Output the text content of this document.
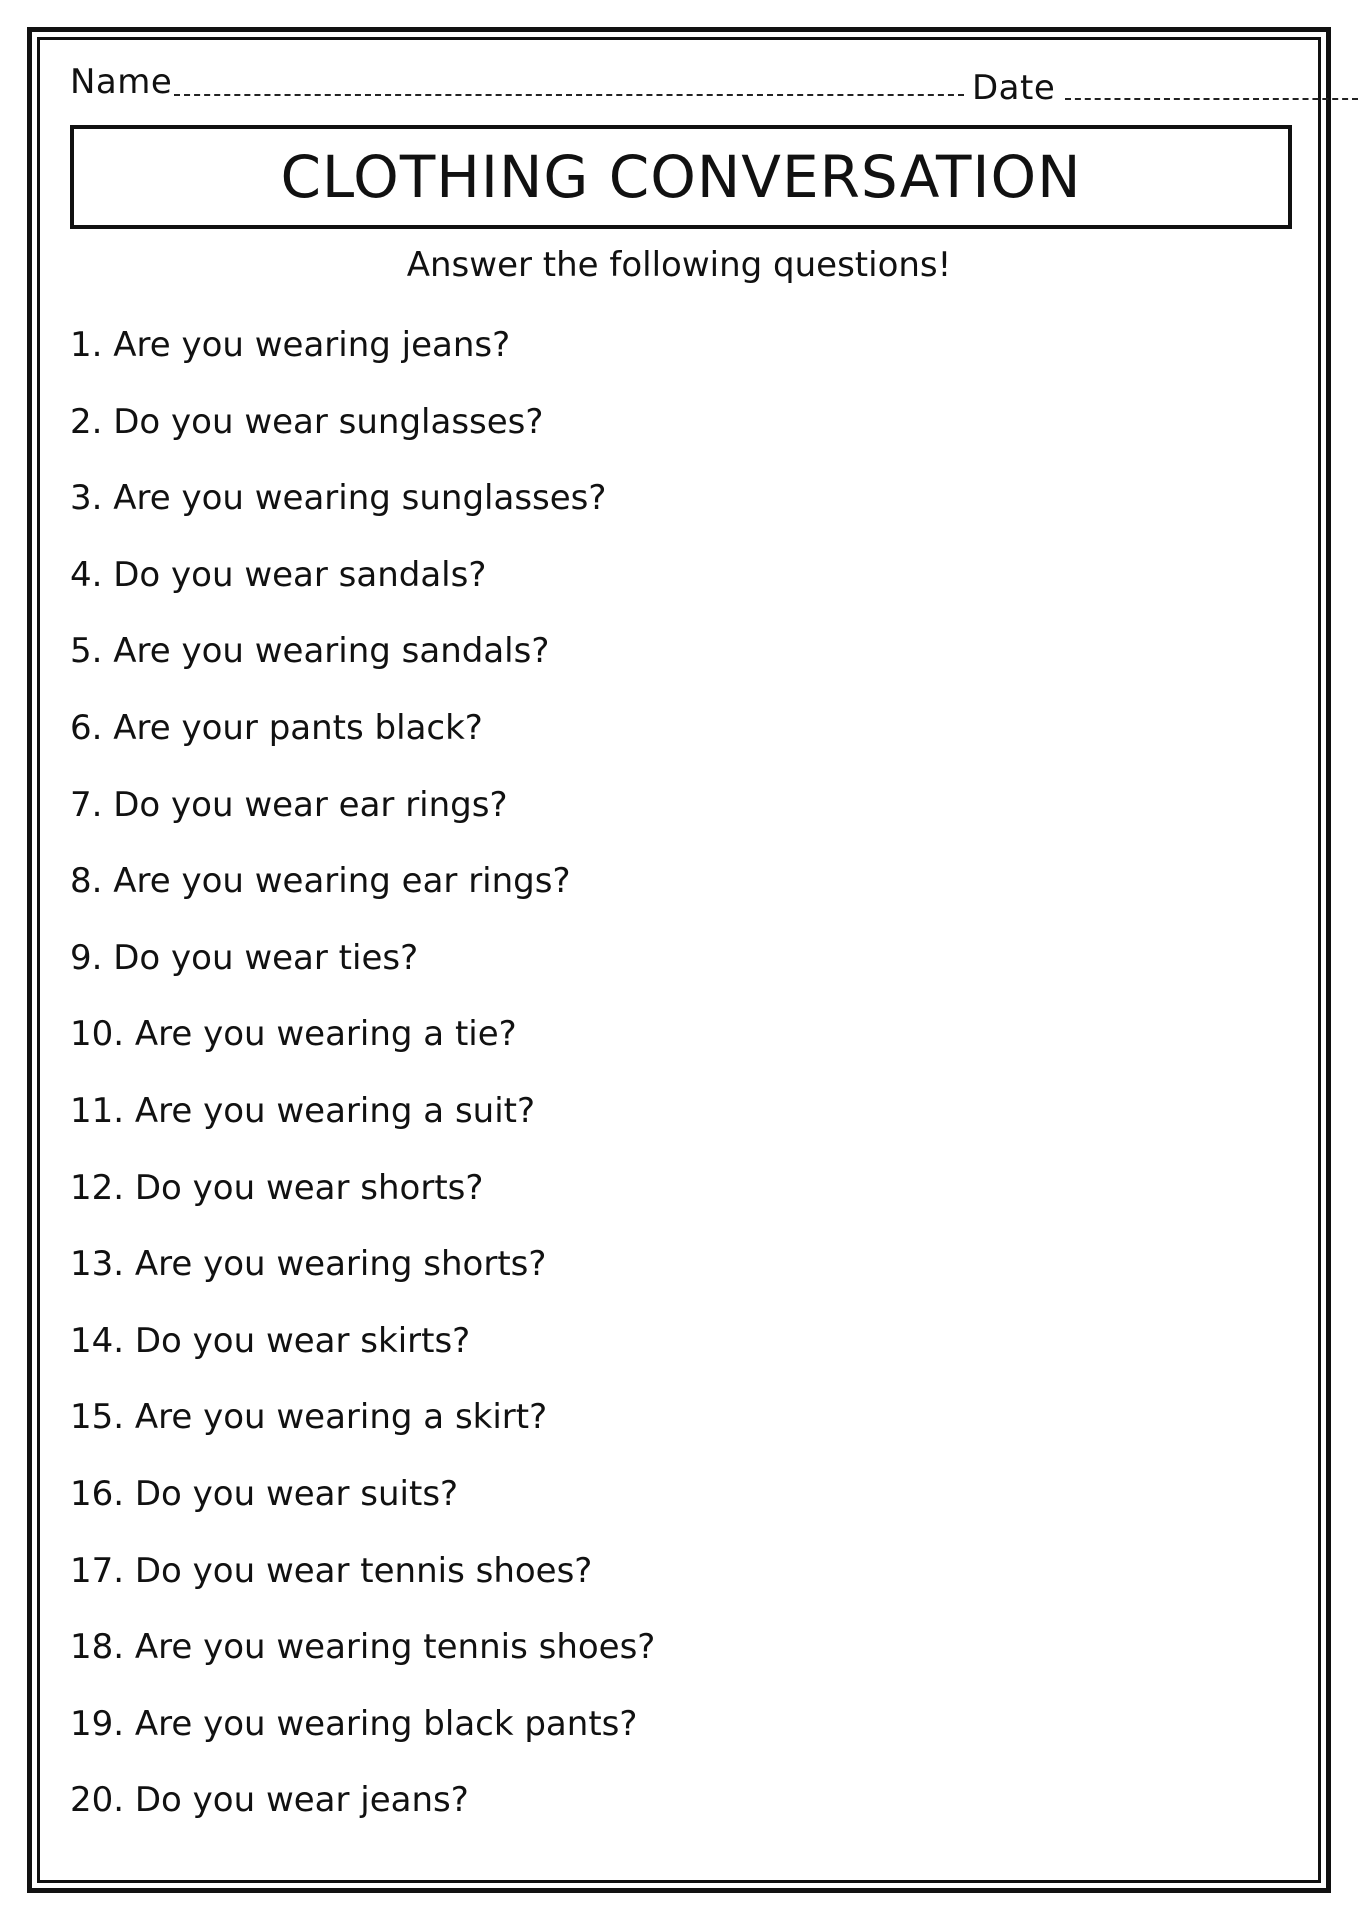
Name	Date
CLOTHING CONVERSATION
Answer the following questions!
1. Are you wearing jeans?
2. Do you wear sunglasses?
3. Are you wearing sunglasses?
4. Do you wear sandals?
5. Are you wearing sandals?
6. Are your pants black?
7. Do you wear ear rings?
8. Are you wearing ear rings?
9. Do you wear ties?
10. Are you wearing a tie?
11. Are you wearing a suit?
12. Do you wear shorts?
13. Are you wearing shorts?
14. Do you wear skirts?
15. Are you wearing a skirt?
16. Do you wear suits?
17. Do you wear tennis shoes?
18. Are you wearing tennis shoes?
19. Are you wearing black pants?
20. Do you wear jeans?
